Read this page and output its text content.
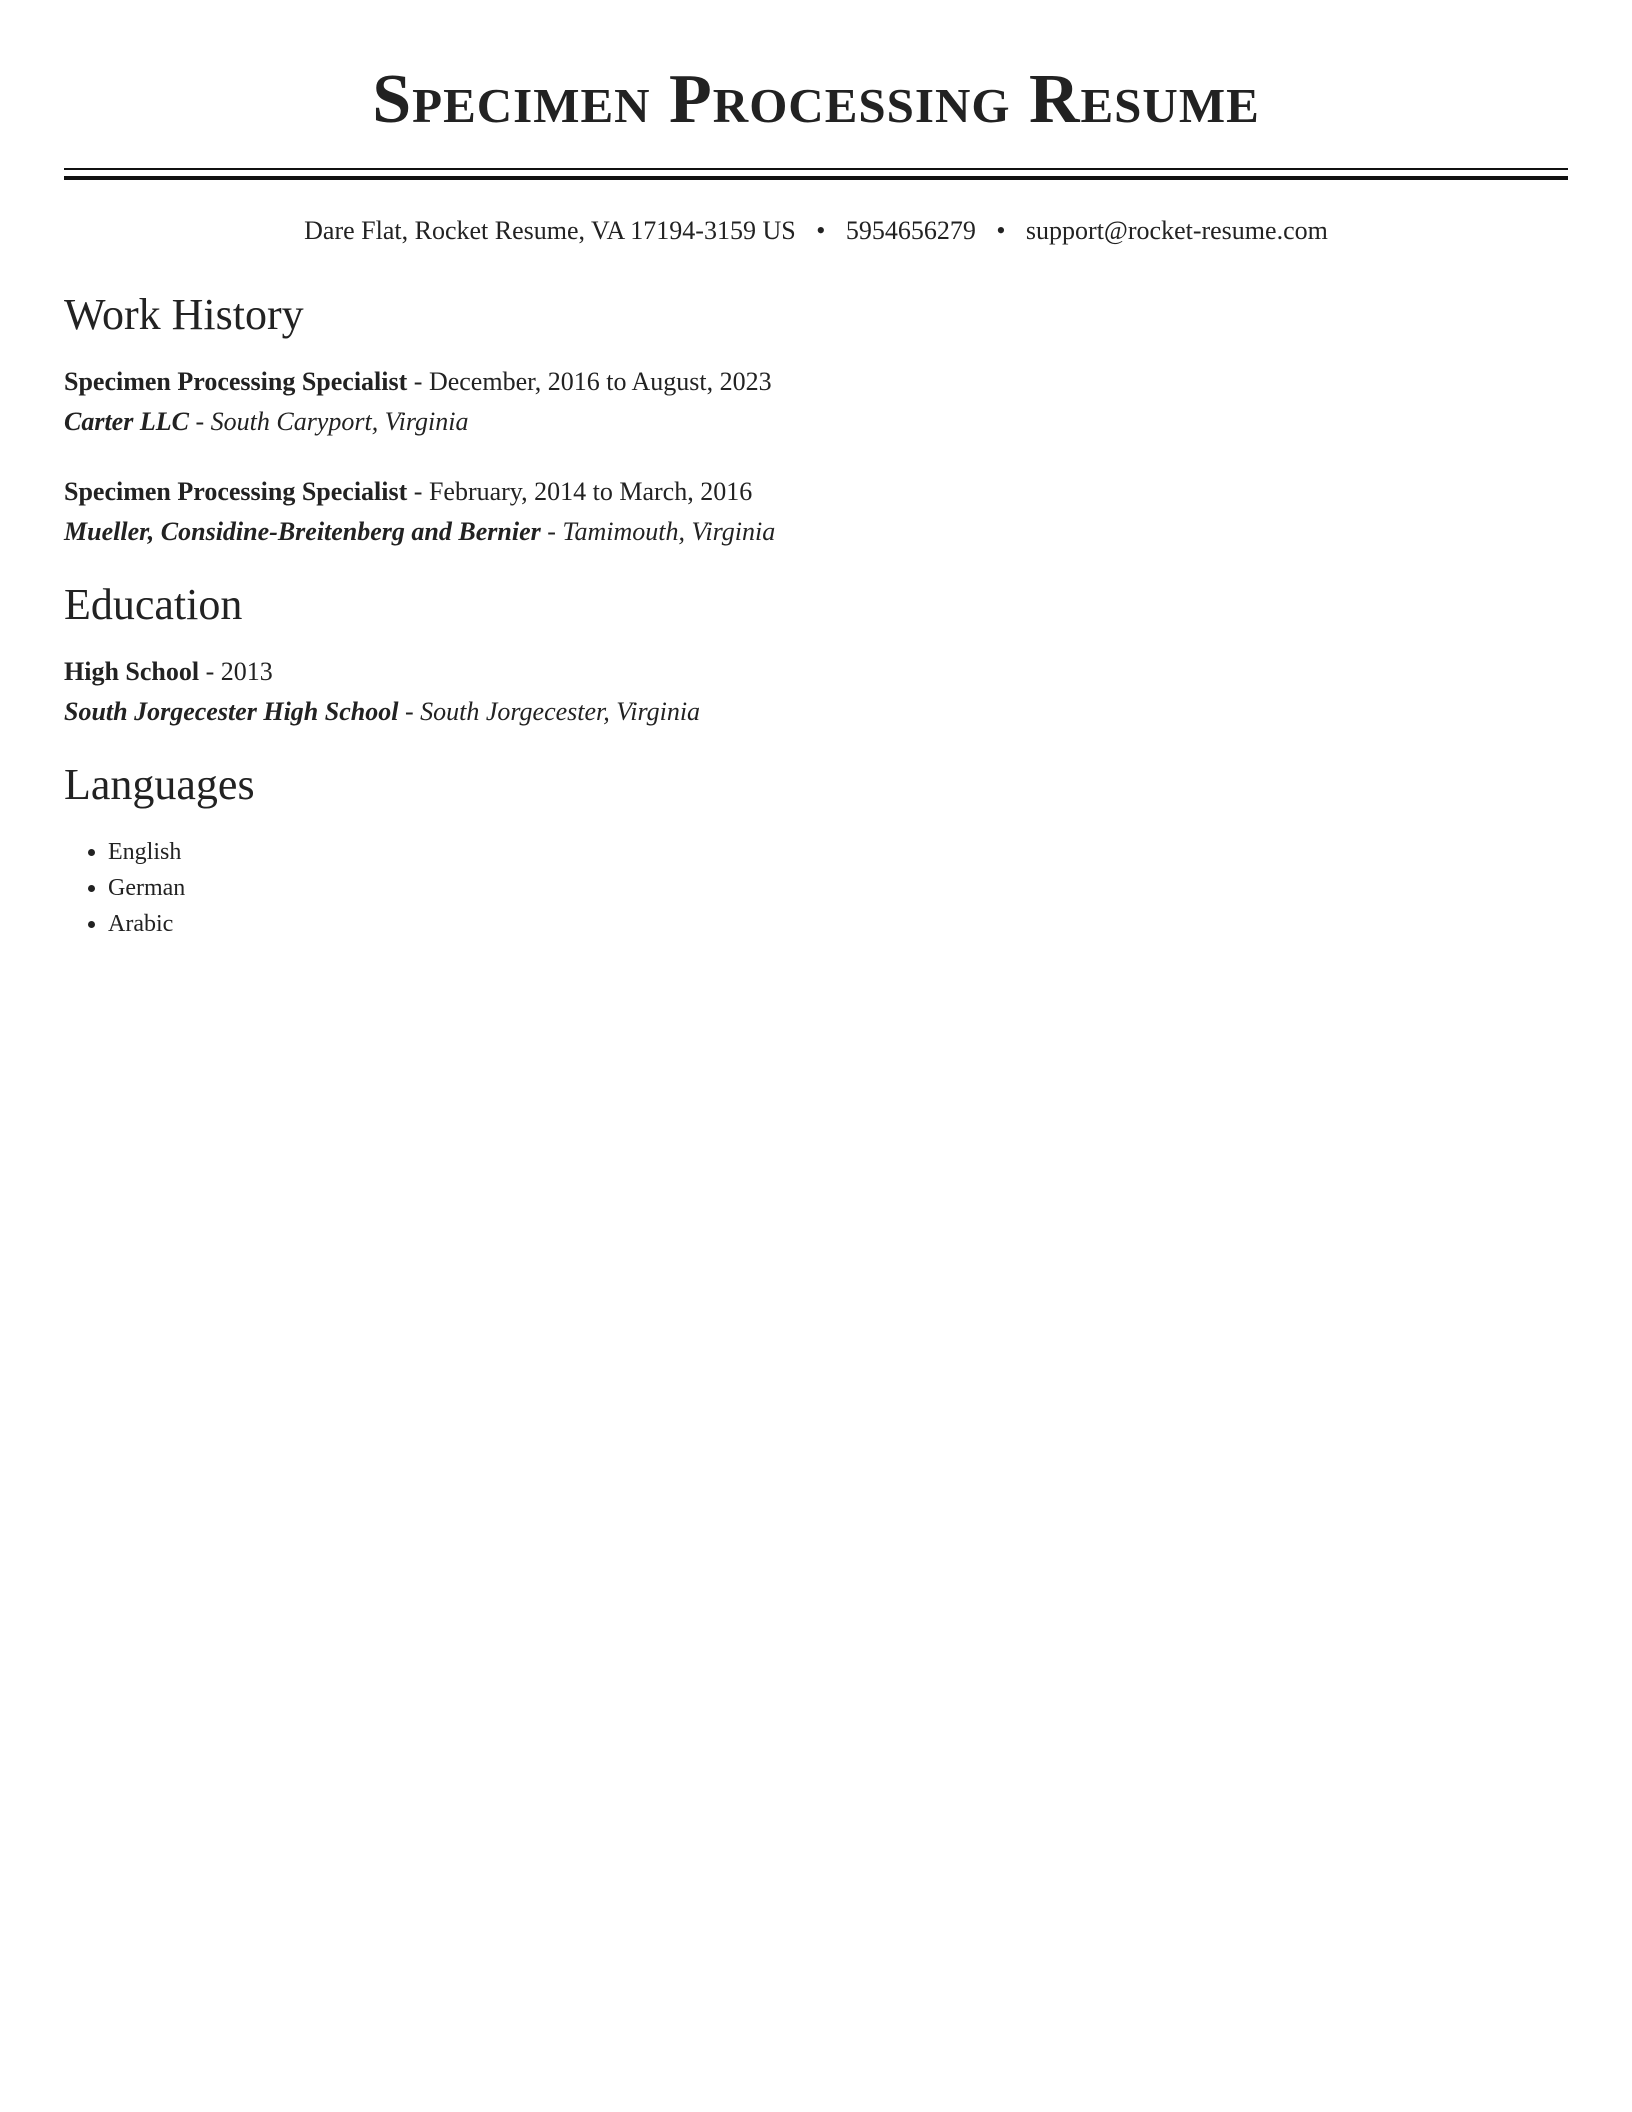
Specimen Processing Resume
Dare Flat, Rocket Resume, VA 17194-3159 US • 5954656279 • support@rocket-resume.com
Work History
Specimen Processing Specialist - December, 2016 to August, 2023
Carter LLC - South Caryport, Virginia
Specimen Processing Specialist - February, 2014 to March, 2016
Mueller, Considine-Breitenberg and Bernier - Tamimouth, Virginia
Education
High School - 2013
South Jorgecester High School - South Jorgecester, Virginia
Languages
• English
• German
• Arabic
